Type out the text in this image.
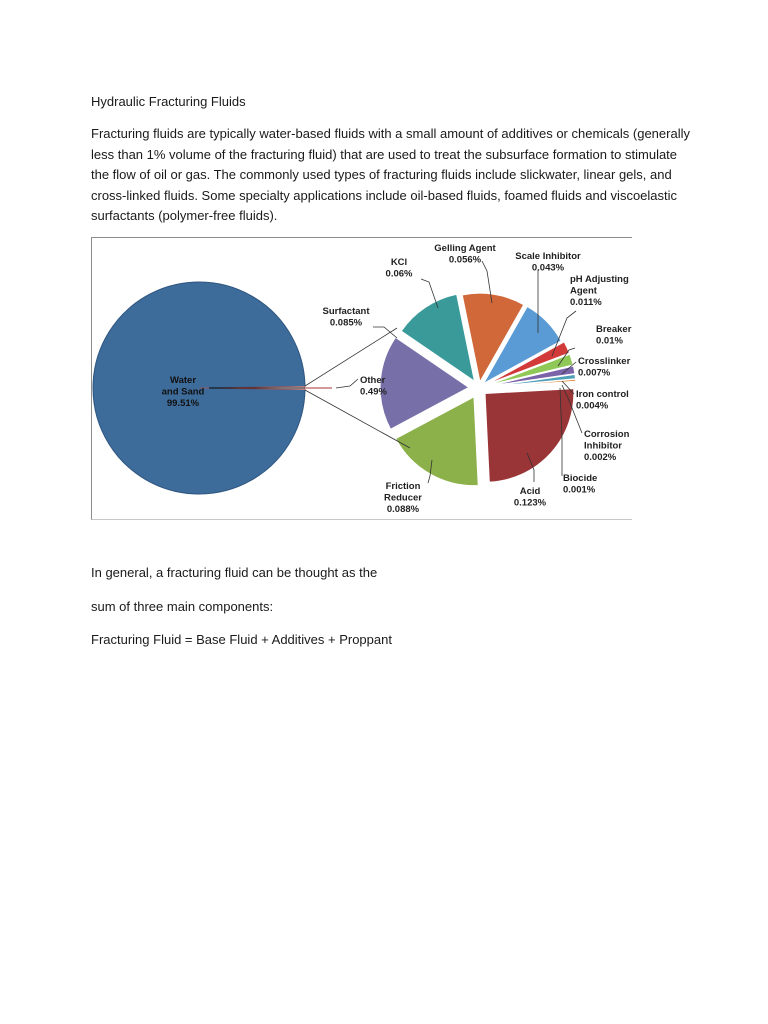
Hydraulic Fracturing Fluids

Fracturing fluids are typically water-based fluids with a small amount of additives or chemicals (generally less than 1% volume of the fracturing fluid) that are used to treat the subsurface formation to stimulate the flow of oil or gas. The commonly used types of fracturing fluids include slickwater, linear gels, and cross-linked fluids. Some specialty applications include oil-based fluids, foamed fluids and viscoelastic surfactants (polymer-free fluids).

Water and Sand 99.51%
Other 0.49%
Gelling Agent 0.056%	Scale Inhibitor 0.043%
pH Adjusting Agent 0.011%
Breaker 0.01%
Crosslinker 0.007%
Iron control 0.004%
Corrosion Inhibitor 0.002%
Biocide 0.001%
Acid 0.123%
Friction Reducer 0.088%
Surfactant 0.085%
KCl 0.06%

In general, a fracturing fluid can be thought as the

sum of three main components:

Fracturing Fluid = Base Fluid + Additives + Proppant
